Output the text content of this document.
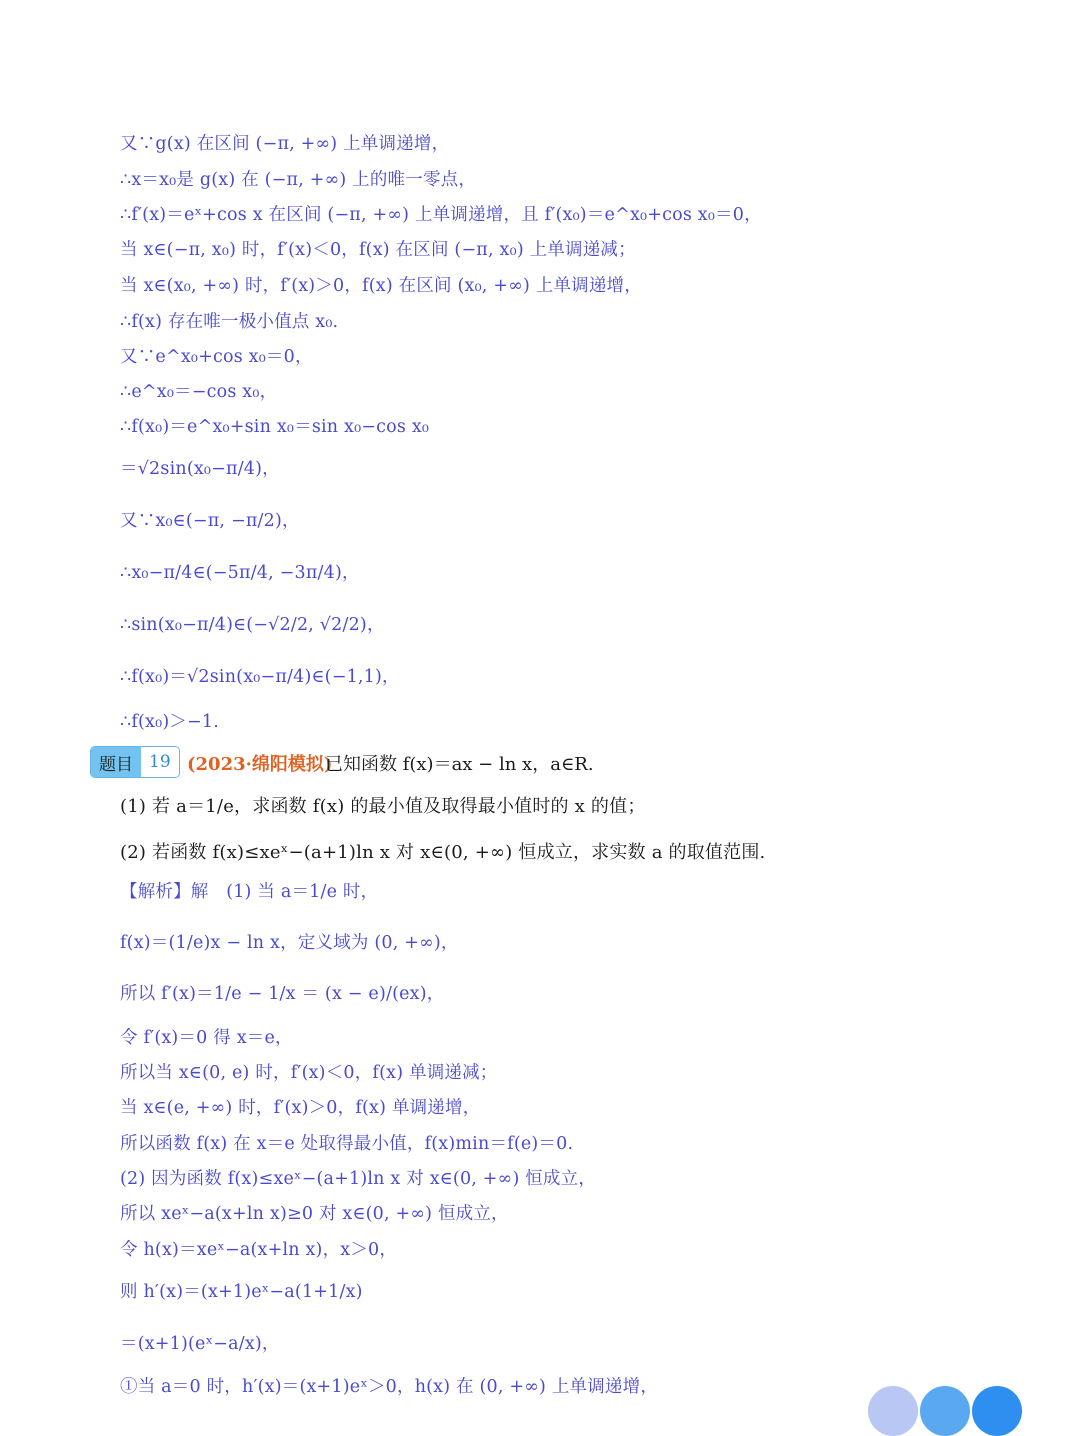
又∵g(x) 在区间 (−π, +∞) 上单调递增，
∴x＝x₀是 g(x) 在 (−π, +∞) 上的唯一零点，
∴f′(x)＝eˣ+cos x 在区间 (−π, +∞) 上单调递增，且 f′(x₀)＝e^x₀+cos x₀＝0，
当 x∈(−π, x₀) 时，f′(x)＜0，f(x) 在区间 (−π, x₀) 上单调递减；
当 x∈(x₀, +∞) 时，f′(x)＞0，f(x) 在区间 (x₀, +∞) 上单调递增，
∴f(x) 存在唯一极小值点 x₀.
又∵e^x₀+cos x₀＝0，
∴e^x₀＝−cos x₀，
∴f(x₀)＝e^x₀+sin x₀＝sin x₀−cos x₀
＝√2sin(x₀−π/4)，
又∵x₀∈(−π, −π/2)，
∴x₀−π/4∈(−5π/4, −3π/4)，
∴sin(x₀−π/4)∈(−√2/2, √2/2)，
∴f(x₀)＝√2sin(x₀−π/4)∈(−1,1)，
∴f(x₀)＞−1.
题目 19 (2023·绵阳模拟)
已知函数 f(x)＝ax − ln x，a∈R.
(1) 若 a＝1/e，求函数 f(x) 的最小值及取得最小值时的 x 的值；
(2) 若函数 f(x)≤xeˣ−(a+1)ln x 对 x∈(0, +∞) 恒成立，求实数 a 的取值范围.
【解析】解　(1) 当 a＝1/e 时，
f(x)＝(1/e)x − ln x，定义域为 (0, +∞)，
所以 f′(x)＝1/e − 1/x ＝ (x − e)/(ex)，
令 f′(x)＝0 得 x＝e，
所以当 x∈(0, e) 时，f′(x)＜0，f(x) 单调递减；
当 x∈(e, +∞) 时，f′(x)＞0，f(x) 单调递增，
所以函数 f(x) 在 x＝e 处取得最小值，f(x)min＝f(e)＝0.
(2) 因为函数 f(x)≤xeˣ−(a+1)ln x 对 x∈(0, +∞) 恒成立，
所以 xeˣ−a(x+ln x)≥0 对 x∈(0, +∞) 恒成立，
令 h(x)＝xeˣ−a(x+ln x)，x＞0，
则 h′(x)＝(x+1)eˣ−a(1+1/x)
＝(x+1)(eˣ−a/x)，
①当 a＝0 时，h′(x)＝(x+1)eˣ＞0，h(x) 在 (0, +∞) 上单调递增，
